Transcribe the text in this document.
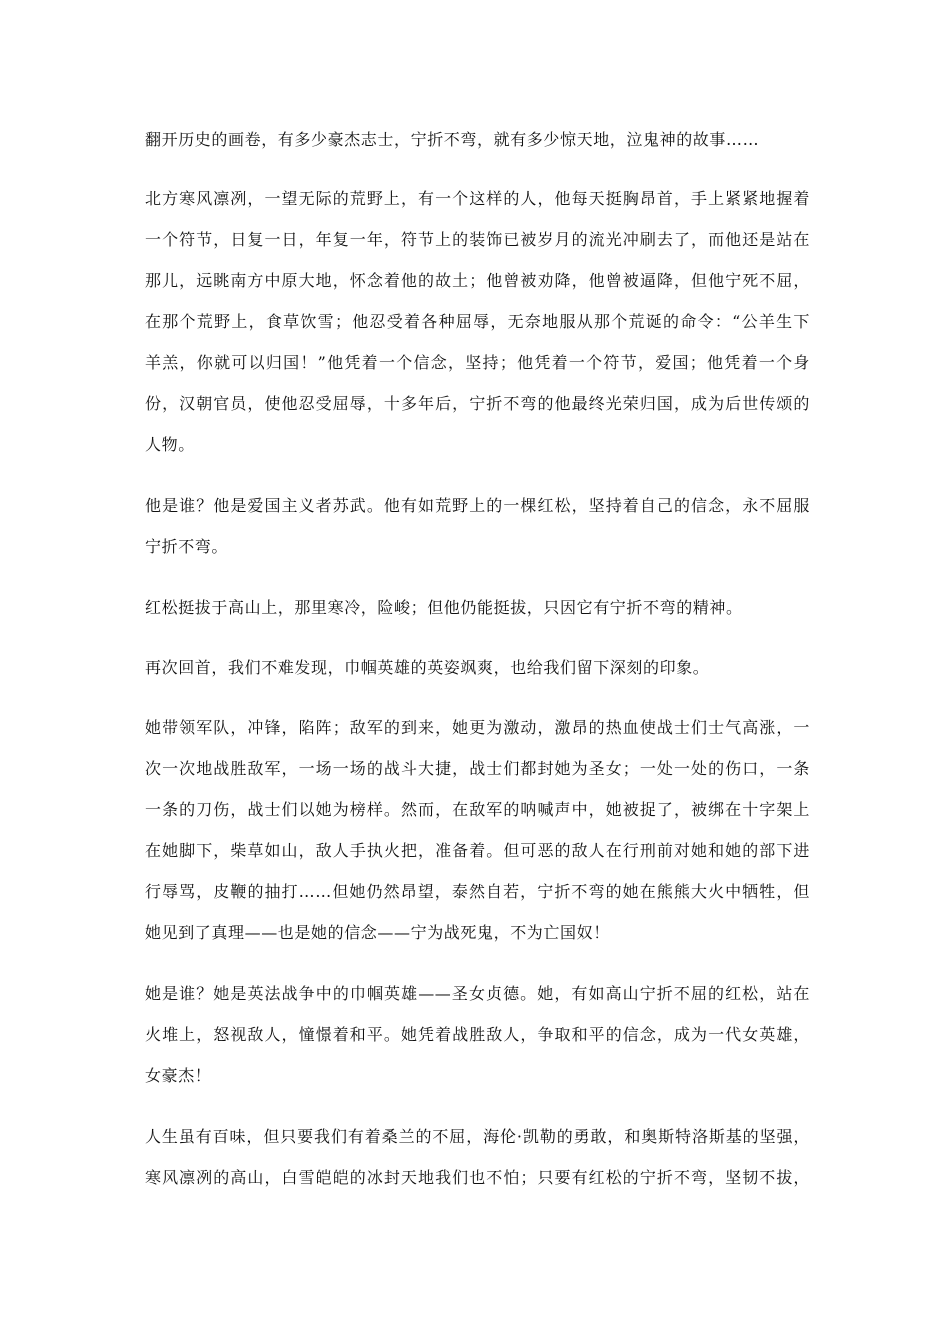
翻开历史的画卷，有多少豪杰志士，宁折不弯，就有多少惊天地，泣鬼神的故事……
北方寒风凛冽，一望无际的荒野上，有一个这样的人，他每天挺胸昂首，手上紧紧地握着
一个符节，日复一日，年复一年，符节上的装饰已被岁月的流光冲刷去了，而他还是站在
那儿，远眺南方中原大地，怀念着他的故土；他曾被劝降，他曾被逼降，但他宁死不屈，
在那个荒野上，食草饮雪；他忍受着各种屈辱，无奈地服从那个荒诞的命令：“公羊生下
羊羔，你就可以归国！”他凭着一个信念，坚持；他凭着一个符节，爱国；他凭着一个身
份，汉朝官员，使他忍受屈辱，十多年后，宁折不弯的他最终光荣归国，成为后世传颂的
人物。
他是谁？他是爱国主义者苏武。他有如荒野上的一棵红松，坚持着自己的信念，永不屈服
宁折不弯。
红松挺拔于高山上，那里寒冷，险峻；但他仍能挺拔，只因它有宁折不弯的精神。
再次回首，我们不难发现，巾帼英雄的英姿飒爽，也给我们留下深刻的印象。
她带领军队，冲锋，陷阵；敌军的到来，她更为激动，激昂的热血使战士们士气高涨，一
次一次地战胜敌军，一场一场的战斗大捷，战士们都封她为圣女；一处一处的伤口，一条
一条的刀伤，战士们以她为榜样。然而，在敌军的呐喊声中，她被捉了，被绑在十字架上
在她脚下，柴草如山，敌人手执火把，准备着。但可恶的敌人在行刑前对她和她的部下进
行辱骂，皮鞭的抽打……但她仍然昂望，泰然自若，宁折不弯的她在熊熊大火中牺牲，但
她见到了真理——也是她的信念——宁为战死鬼，不为亡国奴！
她是谁？她是英法战争中的巾帼英雄——圣女贞德。她，有如高山宁折不屈的红松，站在
火堆上，怒视敌人，憧憬着和平。她凭着战胜敌人，争取和平的信念，成为一代女英雄，
女豪杰！
人生虽有百味，但只要我们有着桑兰的不屈，海伦·凯勒的勇敢，和奥斯特洛斯基的坚强，
寒风凛冽的高山，白雪皑皑的冰封天地我们也不怕；只要有红松的宁折不弯，坚韧不拔，
